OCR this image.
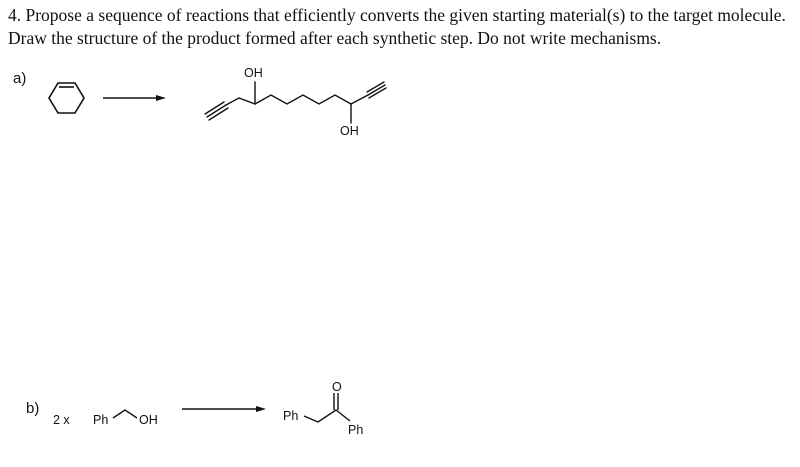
4. Propose a sequence of reactions that efficiently converts the given starting material(s) to the target molecule.
Draw the structure of the product formed after each synthetic step. Do not write mechanisms.
a)
b)
OH
OH
2 x Ph OH	Ph
O
Ph
